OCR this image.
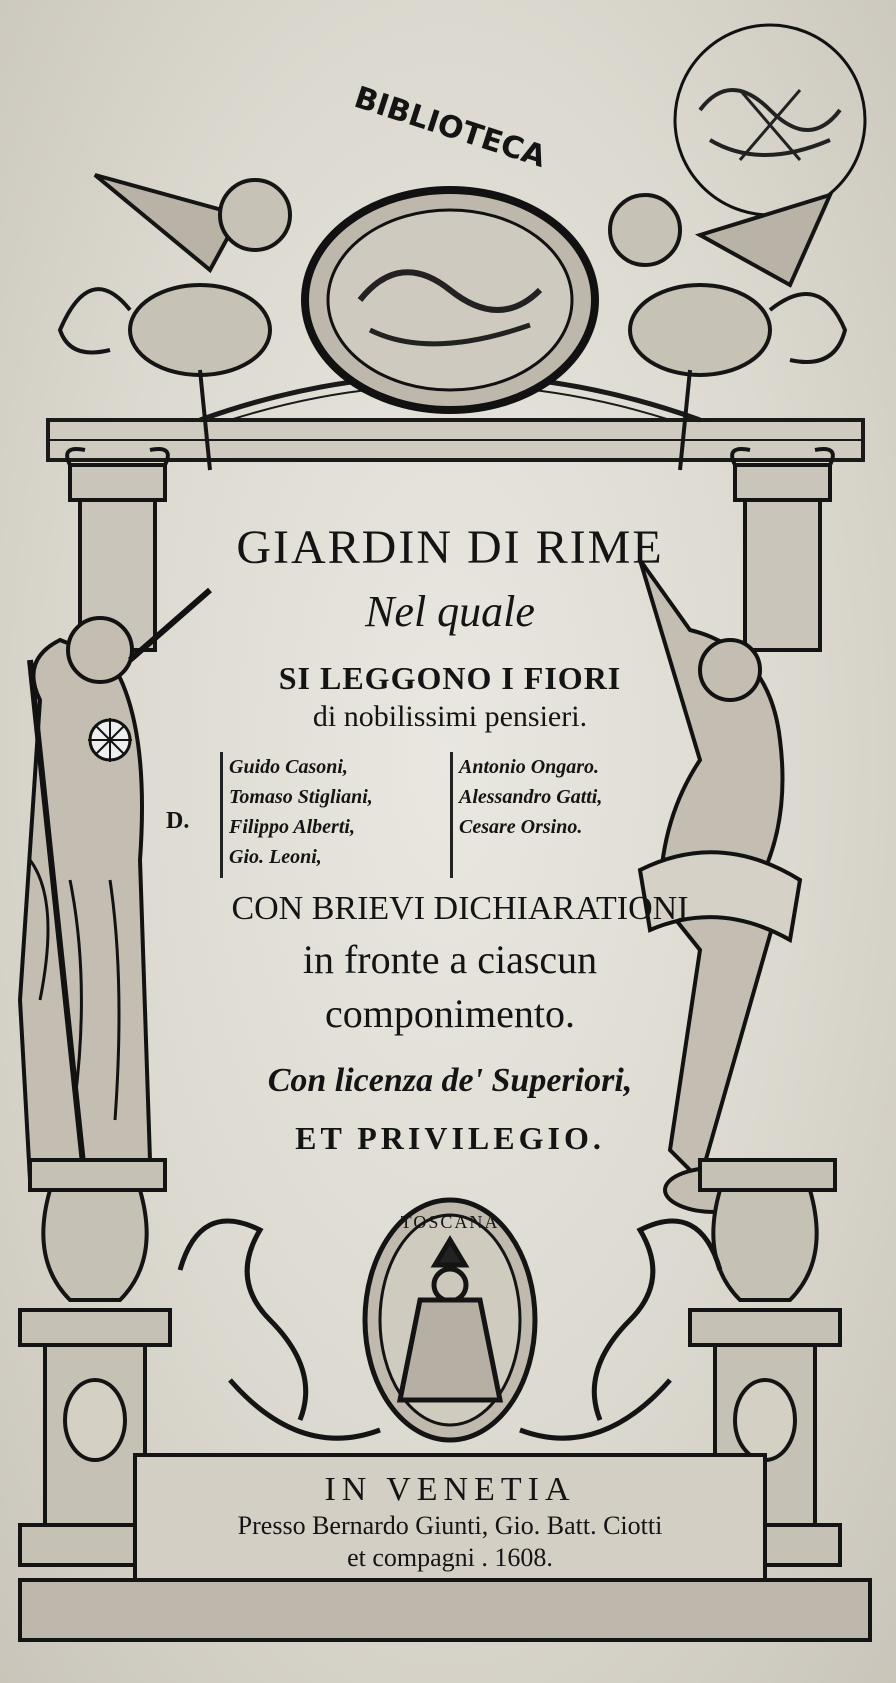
BIBLIOTECA
GIARDIN DI RIME
Nel quale
SI LEGGONO I FIORI
di nobilissimi pensieri.
D.
Guido Casoni,
Tomaso Stigliani,
Filippo Alberti,
Gio. Leoni,
Antonio Ongaro.
Alessandro Gatti,
Cesare Orsino.
CON BRIEVI DICHIARATIONI
in fronte a ciascun
componimento.
Con licenza de' Superiori,
ET PRIVILEGIO.
TOSCANA
IN VENETIA
Presso Bernardo Giunti, Gio. Batt. Ciotti
et compagni . 1608.
